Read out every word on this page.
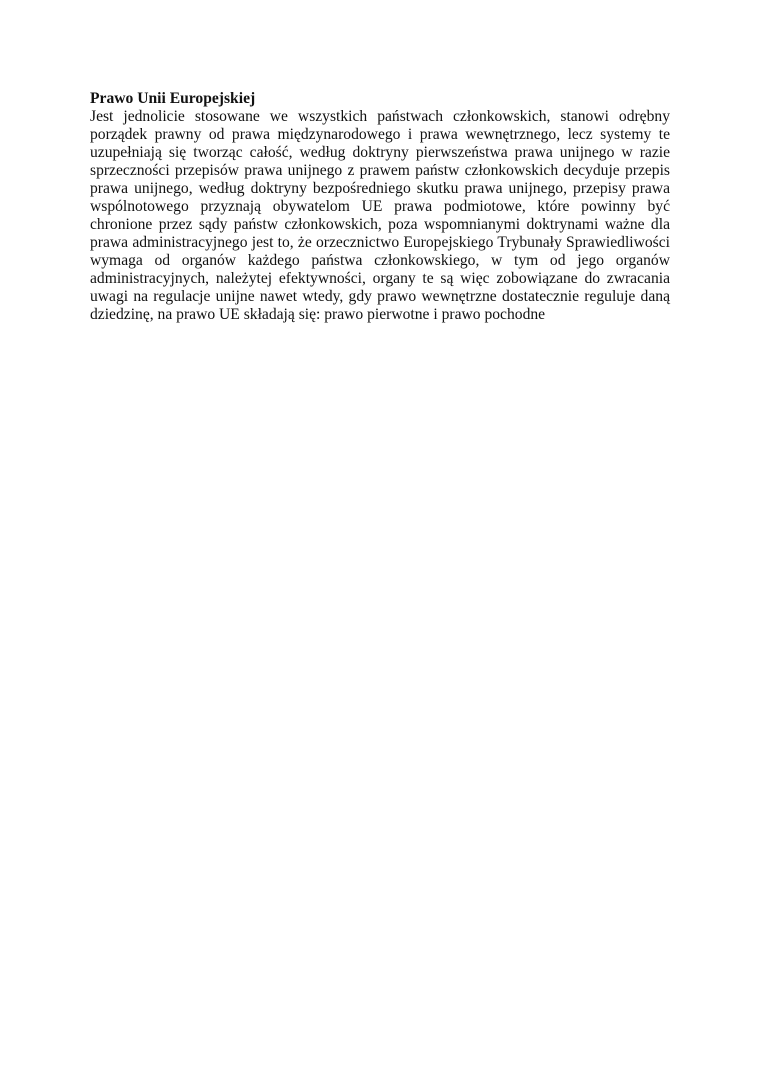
Prawo Unii Europejskiej

Jest jednolicie stosowane we wszystkich państwach członkowskich, stanowi odrębny porządek prawny od prawa międzynarodowego i prawa wewnętrznego, lecz systemy te uzupełniają się tworząc całość, według doktryny pierwszeństwa prawa unijnego w razie sprzeczności przepisów prawa unijnego z prawem państw członkowskich decyduje przepis prawa unijnego, według doktryny bezpośredniego skutku prawa unijnego, przepisy prawa wspólnotowego przyznają obywatelom UE prawa podmiotowe, które powinny być chronione przez sądy państw członkowskich, poza wspomnianymi doktrynami ważne dla prawa administracyjnego jest to, że orzecznictwo Europejskiego Trybunały Sprawiedliwości wymaga od organów każdego państwa członkowskiego, w tym od jego organów administracyjnych, należytej efektywności, organy te są więc zobowiązane do zwracania uwagi na regulacje unijne nawet wtedy, gdy prawo wewnętrzne dostatecznie reguluje daną dziedzinę, na prawo UE składają się: prawo pierwotne i prawo pochodne
